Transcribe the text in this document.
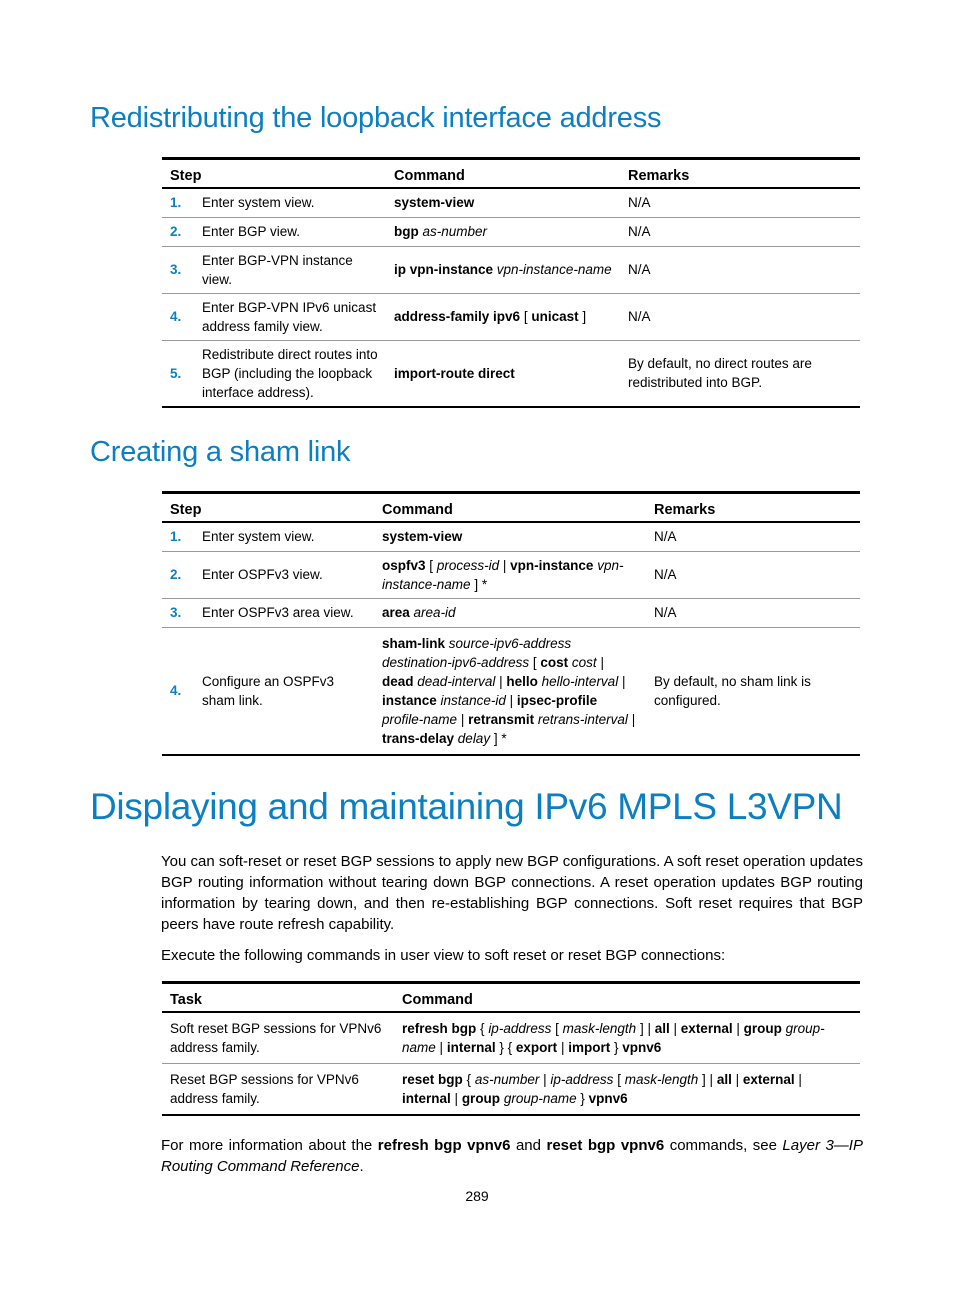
Redistributing the loopback interface address
Step		Command	Remarks
1.	Enter system view.	system-view	N/A
2.	Enter BGP view.	bgp as-number	N/A
3.	Enter BGP-VPN instance view.	ip vpn-instance vpn-instance-name	N/A
4.	Enter BGP-VPN IPv6 unicast address family view.	address-family ipv6 [ unicast ]	N/A
5.	Redistribute direct routes into BGP (including the loopback interface address).	import-route direct	By default, no direct routes are redistributed into BGP.
Creating a sham link
Step		Command	Remarks
1.	Enter system view.	system-view	N/A
2.	Enter OSPFv3 view.	ospfv3 [ process-id | vpn-instance vpn-instance-name ] *	N/A
3.	Enter OSPFv3 area view.	area area-id	N/A
4.	Configure an OSPFv3 sham link.	sham-link source-ipv6-address destination-ipv6-address [ cost cost | dead dead-interval | hello hello-interval | instance instance-id | ipsec-profile profile-name | retransmit retrans-interval | trans-delay delay ] *	By default, no sham link is configured.
Displaying and maintaining IPv6 MPLS L3VPN

You can soft-reset or reset BGP sessions to apply new BGP configurations. A soft reset operation updates BGP routing information without tearing down BGP connections. A reset operation updates BGP routing information by tearing down, and then re-establishing BGP connections. Soft reset requires that BGP peers have route refresh capability.

Execute the following commands in user view to soft reset or reset BGP connections:

Task	Command
Soft reset BGP sessions for VPNv6 address family.	refresh bgp { ip-address [ mask-length ] | all | external | group group-name | internal } { export | import } vpnv6
Reset BGP sessions for VPNv6 address family.	reset bgp { as-number | ip-address [ mask-length ] | all | external | internal | group group-name } vpnv6

For more information about the refresh bgp vpnv6 and reset bgp vpnv6 commands, see Layer 3—IP Routing Command Reference.

289
